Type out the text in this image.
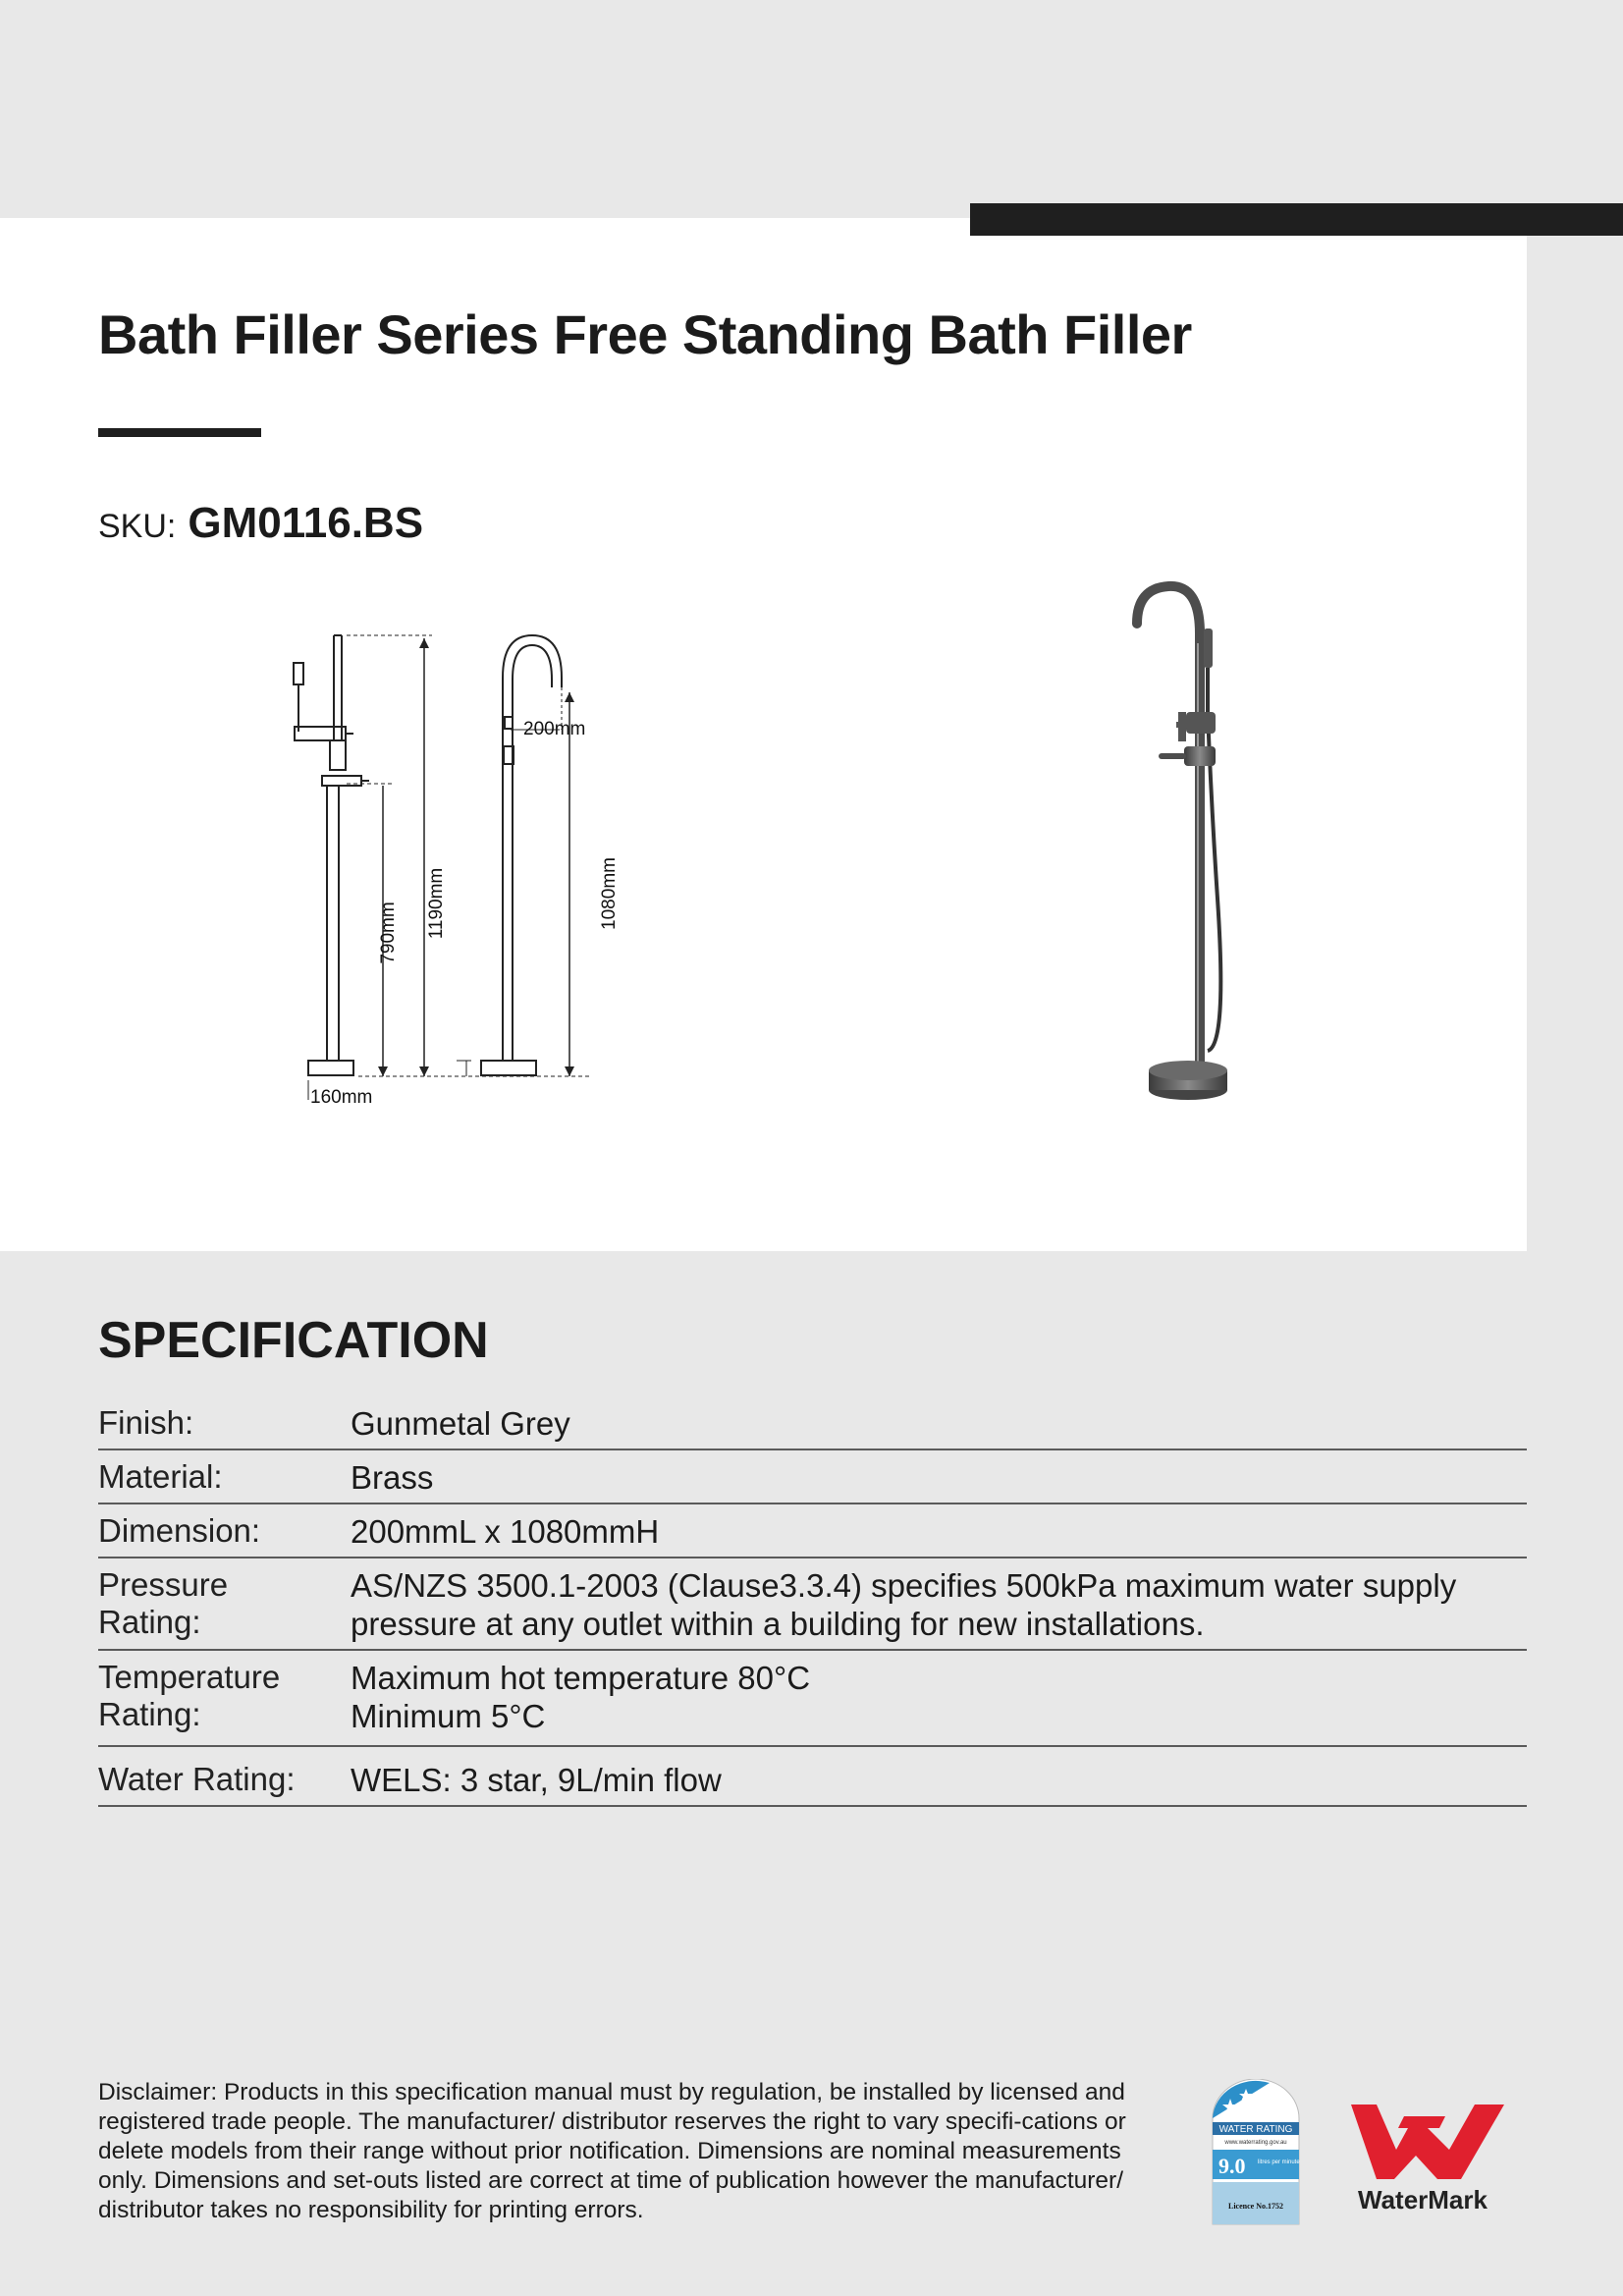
Bath Filler Series Free Standing Bath Filler
SKU: GM0116.BS
200mm
1190mm
790mm
1080mm
160mm
SPECIFICATION
Finish:	Gunmetal Grey
Material:	Brass
Dimension:	200mmL x 1080mmH
Pressure Rating:
AS/NZS 3500.1-2003 (Clause3.3.4) specifies 500kPa maximum water supply pressure at any outlet within a building for new installations.
Temperature Rating:
Maximum hot temperature 80°C
Minimum 5°C
Water Rating:	WELS: 3 star, 9L/min flow
Disclaimer: Products in this specification manual must by regulation, be installed by licensed and registered trade people. The manufacturer/ distributor reserves the right to vary specifi-cations or delete models from their range without prior notification. Dimensions are nominal measurements only. Dimensions and set-outs listed are correct at time of publication however the manufacturer/ distributor takes no responsibility for printing errors.
WATER RATING
www.waterrating.gov.au
9.0 litres per minute
Licence No.1752	WaterMark
